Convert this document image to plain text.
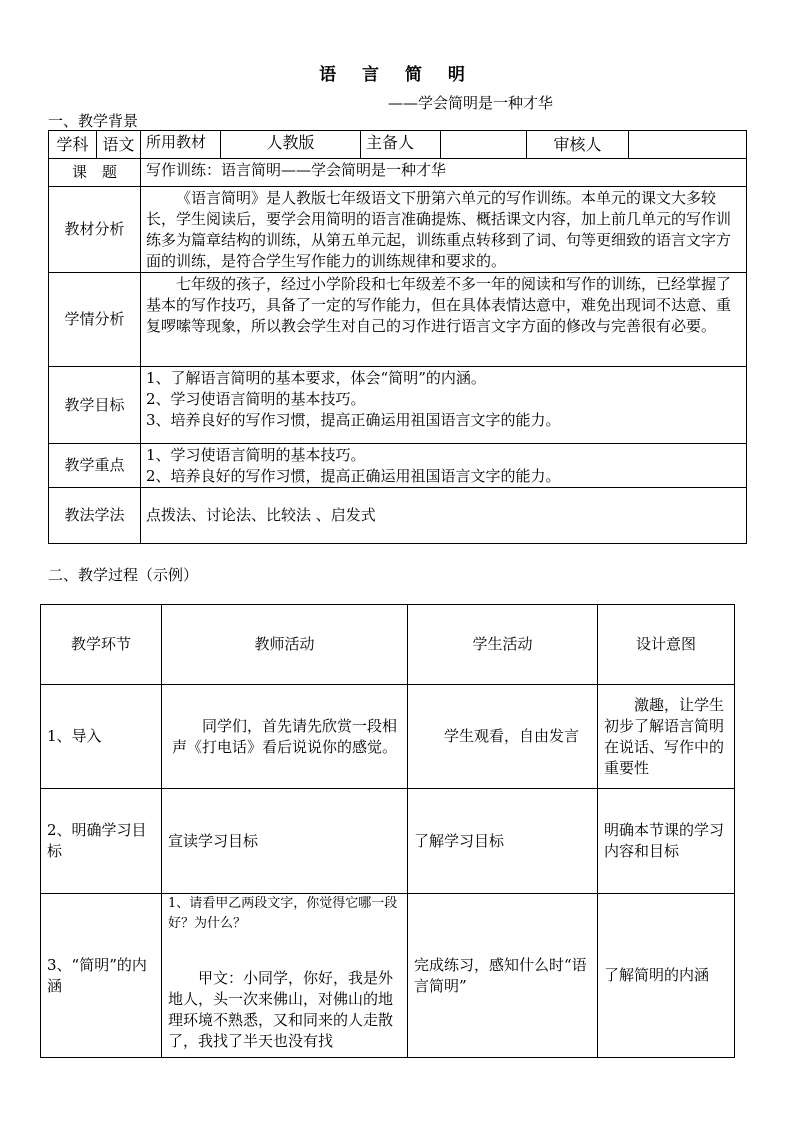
语 言 简 明
——学会简明是一种才华
一、教学背景
学科	语文	所用教材	人教版	主备人		审核人	
课　题		写作训练：语言简明——学会简明是一种才华					
教材分析		《语言简明》是人教版七年级语文下册第六单元的写作训练。本单元的课文大多较长，学生阅读后，要学会用简明的语言准确提炼、概括课文内容，加上前几单元的写作训练多为篇章结构的训练，从第五单元起，训练重点转移到了词、句等更细致的语言文字方面的训练，是符合学生写作能力的训练规律和要求的。					
学情分析		七年级的孩子，经过小学阶段和七年级差不多一年的阅读和写作的训练，已经掌握了基本的写作技巧，具备了一定的写作能力，但在具体表情达意中，难免出现词不达意、重复啰嗦等现象，所以教会学生对自己的习作进行语言文字方面的修改与完善很有必要。					
教学目标		1、了解语言简明的基本要求，体会“简明”的内涵。
2、学习使语言简明的基本技巧。
3、培养良好的写作习惯，提高正确运用祖国语言文字的能力。					

教学重点		1、学习使语言简明的基本技巧。
2、培养良好的写作习惯，提高正确运用祖国语言文字的能力。					

教法学法		点拨法、讨论法、比较法 、启发式					
二、教学过程（示例）
教学环节	教师活动	学生活动	设计意图
1、导入	同学们，首先请先欣赏一段相声《打电话》看后说说你的感觉。	学生观看，自由发言	激趣，让学生初步了解语言简明在说话、写作中的重要性
2、明确学习目标	宣读学习目标	了解学习目标	明确本节课的学习内容和目标
3、“简明”的内涵	1、请看甲乙两段文字，你觉得它哪一段好？为什么？
甲文：小同学，你好，我是外地人，头一次来佛山，对佛山的地理环境不熟悉，又和同来的人走散了，我找了半天也没有找	完成练习，感知什么时“语言简明”	了解简明的内涵
